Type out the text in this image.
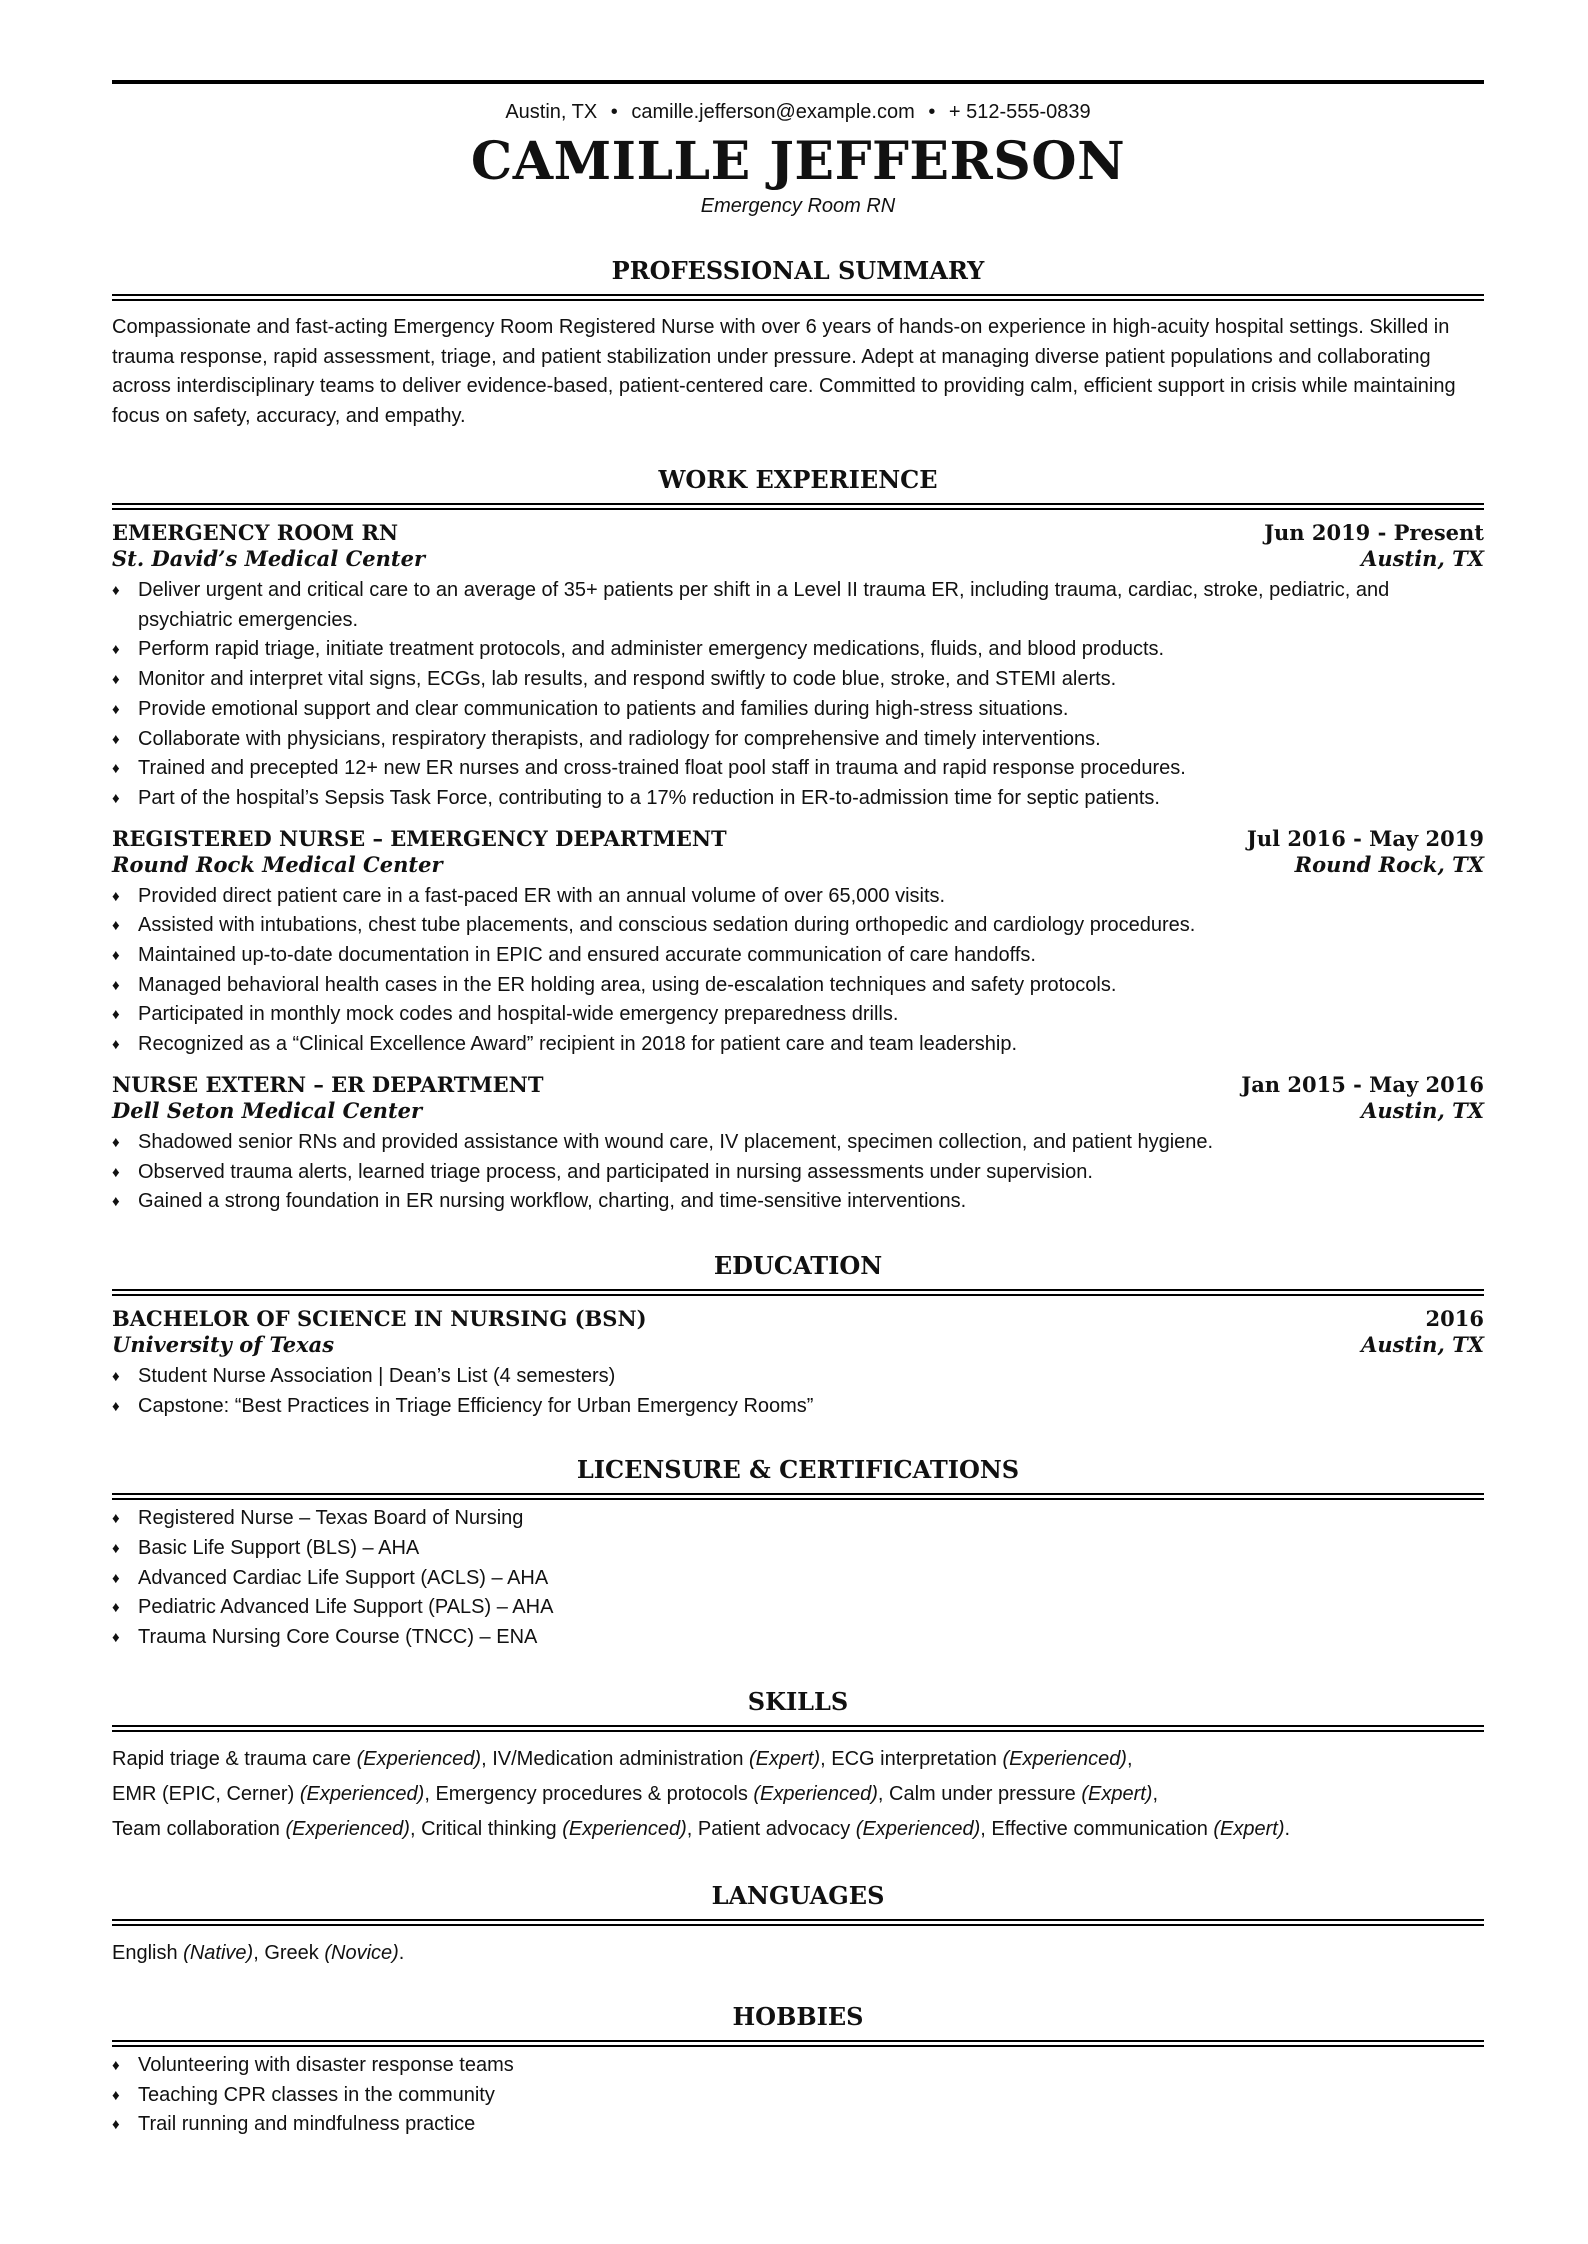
Austin, TX • camille.jefferson@example.com • + 512-555-0839
CAMILLE JEFFERSON
Emergency Room RN
PROFESSIONAL SUMMARY
Compassionate and fast-acting Emergency Room Registered Nurse with over 6 years of hands-on experience in high-acuity hospital settings. Skilled in trauma response, rapid assessment, triage, and patient stabilization under pressure. Adept at managing diverse patient populations and collaborating across interdisciplinary teams to deliver evidence-based, patient-centered care. Committed to providing calm, efficient support in crisis while maintaining focus on safety, accuracy, and empathy.
WORK EXPERIENCE
EMERGENCY ROOM RN	Jun 2019 - Present
St. David’s Medical Center	Austin, TX
♦ Deliver urgent and critical care to an average of 35+ patients per shift in a Level II trauma ER, including trauma, cardiac, stroke, pediatric, and psychiatric emergencies.
♦ Perform rapid triage, initiate treatment protocols, and administer emergency medications, fluids, and blood products.
♦ Monitor and interpret vital signs, ECGs, lab results, and respond swiftly to code blue, stroke, and STEMI alerts.
♦ Provide emotional support and clear communication to patients and families during high-stress situations.
♦ Collaborate with physicians, respiratory therapists, and radiology for comprehensive and timely interventions.
♦ Trained and precepted 12+ new ER nurses and cross-trained float pool staff in trauma and rapid response procedures.
♦ Part of the hospital’s Sepsis Task Force, contributing to a 17% reduction in ER-to-admission time for septic patients.
REGISTERED NURSE – EMERGENCY DEPARTMENT	Jul 2016 - May 2019
Round Rock Medical Center	Round Rock, TX
♦ Provided direct patient care in a fast-paced ER with an annual volume of over 65,000 visits.
♦ Assisted with intubations, chest tube placements, and conscious sedation during orthopedic and cardiology procedures.
♦ Maintained up-to-date documentation in EPIC and ensured accurate communication of care handoffs.
♦ Managed behavioral health cases in the ER holding area, using de-escalation techniques and safety protocols.
♦ Participated in monthly mock codes and hospital-wide emergency preparedness drills.
♦ Recognized as a “Clinical Excellence Award” recipient in 2018 for patient care and team leadership.
NURSE EXTERN – ER DEPARTMENT	Jan 2015 - May 2016
Dell Seton Medical Center	Austin, TX
♦ Shadowed senior RNs and provided assistance with wound care, IV placement, specimen collection, and patient hygiene.
♦ Observed trauma alerts, learned triage process, and participated in nursing assessments under supervision.
♦ Gained a strong foundation in ER nursing workflow, charting, and time-sensitive interventions.
EDUCATION
BACHELOR OF SCIENCE IN NURSING (BSN)	2016
University of Texas	Austin, TX
♦ Student Nurse Association | Dean’s List (4 semesters)
♦ Capstone: “Best Practices in Triage Efficiency for Urban Emergency Rooms”
LICENSURE & CERTIFICATIONS
♦ Registered Nurse – Texas Board of Nursing
♦ Basic Life Support (BLS) – AHA
♦ Advanced Cardiac Life Support (ACLS) – AHA
♦ Pediatric Advanced Life Support (PALS) – AHA
♦ Trauma Nursing Core Course (TNCC) – ENA
SKILLS
Rapid triage & trauma care (Experienced), IV/Medication administration (Expert), ECG interpretation (Experienced),
EMR (EPIC, Cerner) (Experienced), Emergency procedures & protocols (Experienced), Calm under pressure (Expert),
Team collaboration (Experienced), Critical thinking (Experienced), Patient advocacy (Experienced), Effective communication (Expert).
LANGUAGES
English (Native), Greek (Novice).
HOBBIES
♦ Volunteering with disaster response teams
♦ Teaching CPR classes in the community
♦ Trail running and mindfulness practice
